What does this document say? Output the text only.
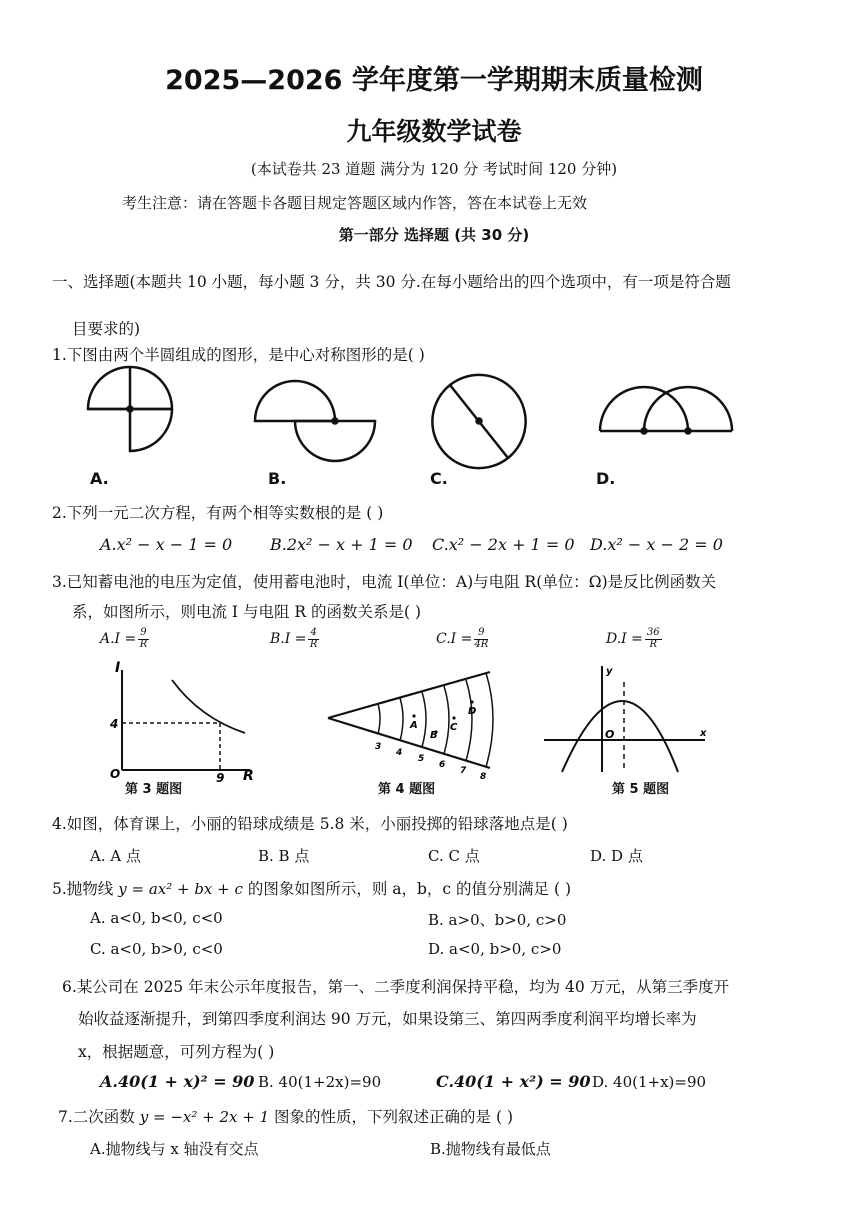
2025—2026 学年度第一学期期末质量检测
九年级数学试卷
(本试卷共 23 道题 满分为 120 分 考试时间 120 分钟)
考生注意：请在答题卡各题目规定答题区域内作答，答在本试卷上无效
第一部分 选择题 (共 30 分)
一、选择题(本题共 10 小题，每小题 3 分，共 30 分.在每小题给出的四个选项中，有一项是符合题
目要求的)
1.下图由两个半圆组成的图形，是中心对称图形的是( )
A.	B.	C.	D.
2.下列一元二次方程，有两个相等实数根的是 ( )
A.x² − x − 1 = 0 B.2x² − x + 1 = 0 C.x² − 2x + 1 = 0 D.x² − x − 2 = 0
3.已知蓄电池的电压为定值，使用蓄电池时，电流 I(单位：A)与电阻 R(单位：Ω)是反比例函数关
系，如图所示，则电流 I 与电阻 R 的函数关系是( )
$A.I = \frac{9}{R}$	$B.I = \frac{4}{R}$	$C.I = \frac{9}{4R}$	$D.I = \frac{36}{R}$
I
R
O
4
9
第 3 题图
3
4
5
6
7
8
A
B
C
D
第 4 题图
y
x
O
第 5 题图
4.如图，体育课上，小丽的铅球成绩是 5.8 米，小丽投掷的铅球落地点是( )
A. A 点	B. B 点	C. C 点	D. D 点
5.抛物线 y = ax² + bx + c 的图象如图所示，则 a，b，c 的值分别满足 ( )
A. a<0, b<0, c<0	B. a>0、b>0, c>0
C. a<0, b>0, c<0	D. a<0, b>0, c>0
6.某公司在 2025 年末公示年度报告，第一、二季度利润保持平稳，均为 40 万元，从第三季度开
始收益逐渐提升，到第四季度利润达 90 万元，如果设第三、第四两季度利润平均增长率为
x，根据题意，可列方程为( )
A.40(1 + x)² = 90 B. 40(1+2x)=90	C.40(1 + x²) = 90 D. 40(1+x)=90
7.二次函数 y = −x² + 2x + 1 图象的性质，下列叙述正确的是 ( )
A.抛物线与 x 轴没有交点	B.抛物线有最低点
